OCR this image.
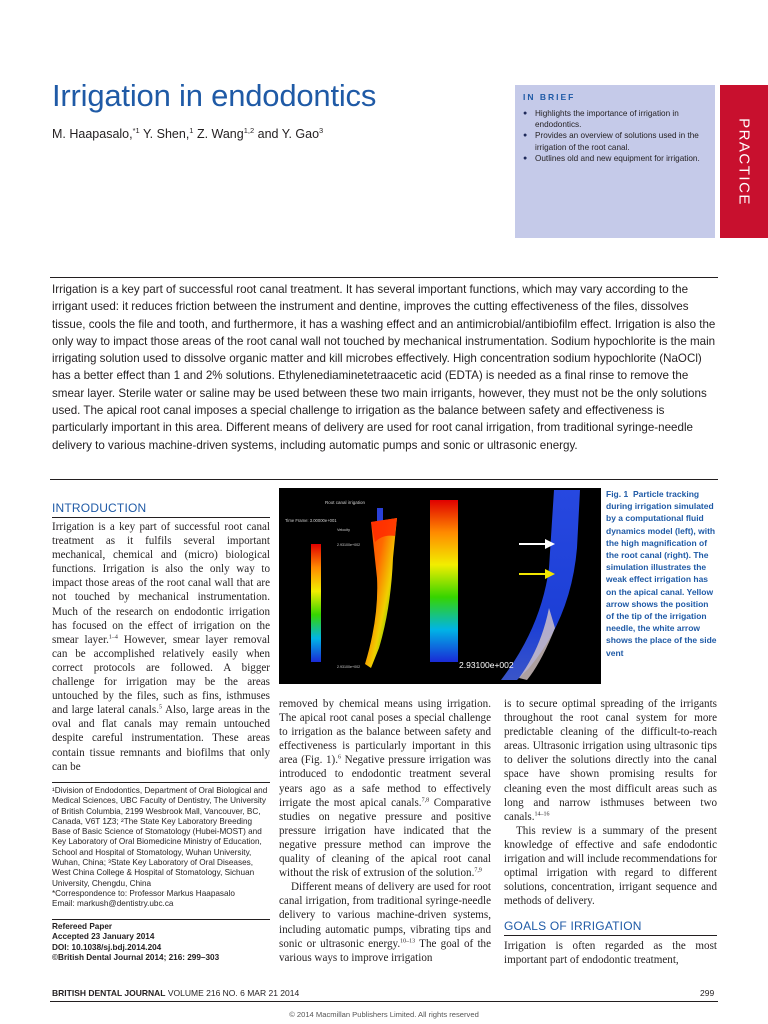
Irrigation in endodontics
M. Haapasalo,$^{*1}$ Y. Shen,$^1$ Z. Wang$^{1,2}$ and Y. Gao$^3$
IN BRIEF
● Highlights the importance of irrigation in endodontics.
● Provides an overview of solutions used in the irrigation of the root canal.
● Outlines old and new equipment for irrigation.	PRACTICE

Irrigation is a key part of successful root canal treatment. It has several important functions, which may vary according to the irrigant used: it reduces friction between the instrument and dentine, improves the cutting effectiveness of the files, dissolves tissue, cools the file and tooth, and furthermore, it has a washing effect and an antimicrobial/antibiofilm effect. Irrigation is also the only way to impact those areas of the root canal wall not touched by mechanical instrumentation. Sodium hypochlorite is the main irrigating solution used to dissolve organic matter and kill microbes effectively. High concentration sodium hypochlorite (NaOCl) has a better effect than 1 and 2% solutions. Ethylenediaminetetraacetic acid (EDTA) is needed as a final rinse to remove the smear layer. Sterile water or saline may be used between these two main irrigants, however, they must not be the only solutions used. The apical root canal imposes a special challenge to irrigation as the balance between safety and effectiveness is particularly important in this area. Different means of delivery are used for root canal irrigation, from traditional syringe-needle delivery to various machine-driven systems, including automatic pumps and sonic or ultrasonic energy.

INTRODUCTION

Irrigation is a key part of successful root canal treatment as it fulfils several important mechanical, chemical and (micro) biological functions. Irrigation is also the only way to impact those areas of the root canal wall that are not touched by mechanical instrumentation. Much of the research on endodontic irrigation has focused on the effect of irrigation on the smear layer.$^{1-4}$ However, smear layer removal can be accomplished relatively easily when correct protocols are followed. A bigger challenge for irrigation may be the areas untouched by the files, such as fins, isthmuses and large lateral canals.$^5$ Also, large areas in the oval and flat canals may remain untouched despite careful instrumentation. These areas contain tissue remnants and biofilms that only can be

¹Division of Endodontics, Department of Oral Biological and Medical Sciences, UBC Faculty of Dentistry, The University of British Columbia, 2199 Wesbrook Mall, Vancouver, BC, Canada, V6T 1Z3; ²The State Key Laboratory Breeding Base of Basic Science of Stomatology (Hubei-MOST) and Key Laboratory of Oral Biomedicine Ministry of Education, School and Hospital of Stomatology, Wuhan University, Wuhan, China; ³State Key Laboratory of Oral Diseases, West China College & Hospital of Stomatology, Sichuan University, Chengdu, China

*Correspondence to: Professor Markus Haapasalo

Email: markush@dentistry.ubc.ca

Refereed Paper

Accepted 23 January 2014

DOI: 10.1038/sj.bdj.2014.204

©British Dental Journal 2014; 216: 299–303

Root canal irrigation
Time Frame: 3.00000e+001
Velocity
2.93100e+002
2.93100e+002	2.93100e+002

Fig. 1 Particle tracking during irrigation simulated by a computational fluid dynamics model (left), with the high magnification of the root canal (right). The simulation illustrates the weak effect irrigation has on the apical canal. Yellow arrow shows the position of the tip of the irrigation needle, the white arrow shows the place of the side vent

removed by chemical means using irrigation. The apical root canal poses a special challenge to irrigation as the balance between safety and effectiveness is particularly important in this area (Fig. 1).$^6$ Negative pressure irrigation was introduced to endodontic treatment several years ago as a safe method to effectively irrigate the most apical canals.$^{7,8}$ Comparative studies on negative pressure and positive pressure irrigation have indicated that the negative pressure method can improve the quality of cleaning of the apical root canal without the risk of extrusion of the solution.$^{7,9}$

Different means of delivery are used for root canal irrigation, from traditional syringe-needle delivery to various machine-driven systems, including automatic pumps, vibrating tips and sonic or ultrasonic energy.$^{10-13}$ The goal of the various ways to improve irrigation

is to secure optimal spreading of the irrigants throughout the root canal system for more predictable cleaning of the difficult-to-reach areas. Ultrasonic irrigation using ultrasonic tips to deliver the solutions directly into the canal space have shown promising results for cleaning even the most difficult areas such as long and narrow isthmuses between two canals.$^{14-16}$

This review is a summary of the present knowledge of effective and safe endodontic irrigation and will include recommendations for optimal irrigation with regard to different solutions, concentration, irrigant sequence and methods of delivery.

GOALS OF IRRIGATION

Irrigation is often regarded as the most important part of endodontic treatment,

BRITISH DENTAL JOURNAL VOLUME 216 NO. 6 MAR 21 2014	299
© 2014 Macmillan Publishers Limited. All rights reserved
